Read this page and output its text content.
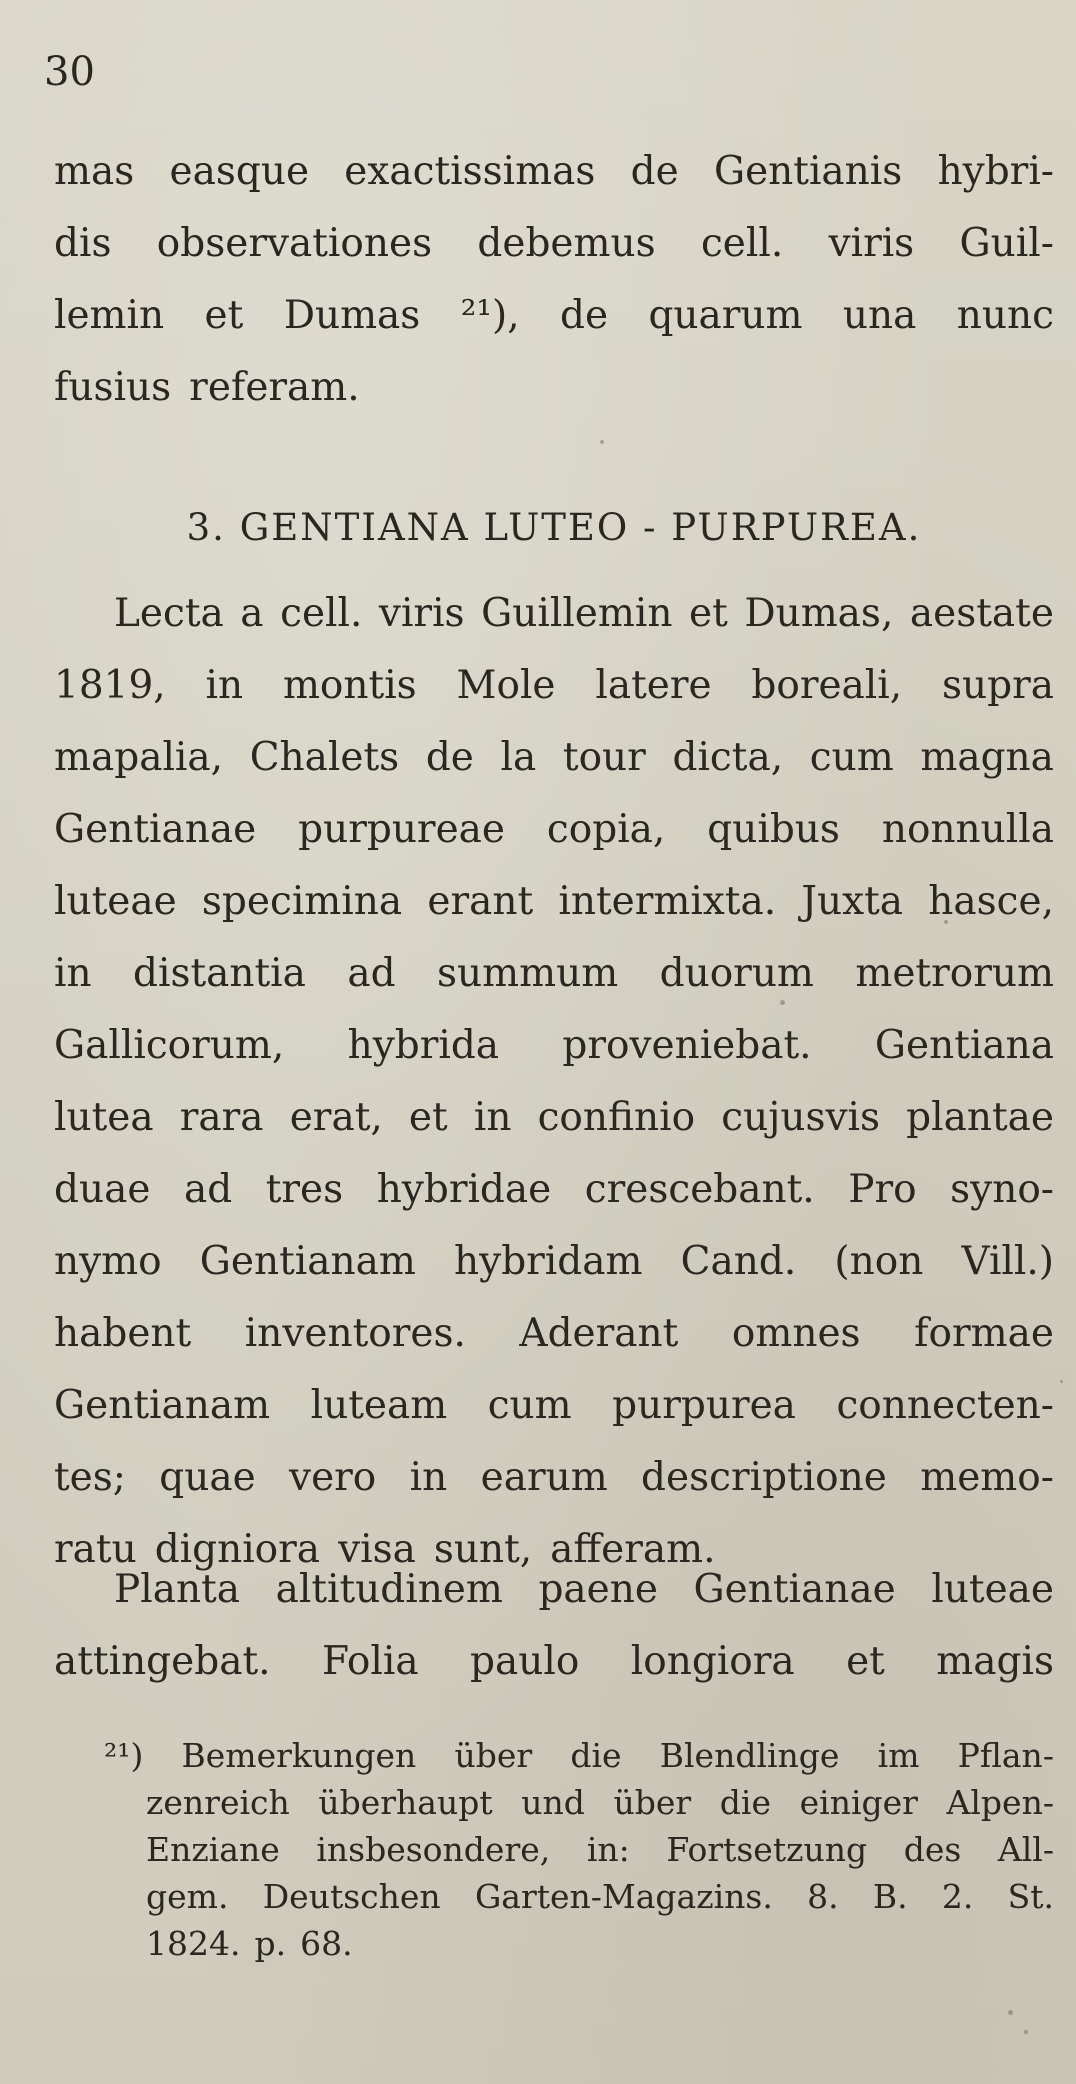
30
mas easque exactissimas de Gentianis hybri-
dis observationes debemus cell. viris Guil-
lemin et Dumas ²¹), de quarum una nunc
fusius referam.
3. GENTIANA LUTEO - PURPUREA.
Lecta a cell. viris Guillemin et Dumas, aestate
1819, in montis Mole latere boreali, supra
mapalia, Chalets de la tour dicta, cum magna
Gentianae purpureae copia, quibus nonnulla
luteae specimina erant intermixta. Juxta hasce,
in distantia ad summum duorum metrorum
Gallicorum, hybrida proveniebat. Gentiana
lutea rara erat, et in confinio cujusvis plantae
duae ad tres hybridae crescebant. Pro syno-
nymo Gentianam hybridam Cand. (non Vill.)
habent inventores. Aderant omnes formae
Gentianam luteam cum purpurea connecten-
tes; quae vero in earum descriptione memo-
ratu digniora visa sunt, afferam.
Planta altitudinem paene Gentianae luteae
attingebat. Folia paulo longiora et magis
²¹) Bemerkungen über die Blendlinge im Pflan-
zenreich überhaupt und über die einiger Alpen-
Enziane insbesondere, in: Fortsetzung des All-
gem. Deutschen Garten-Magazins. 8. B. 2. St.
1824. p. 68.
